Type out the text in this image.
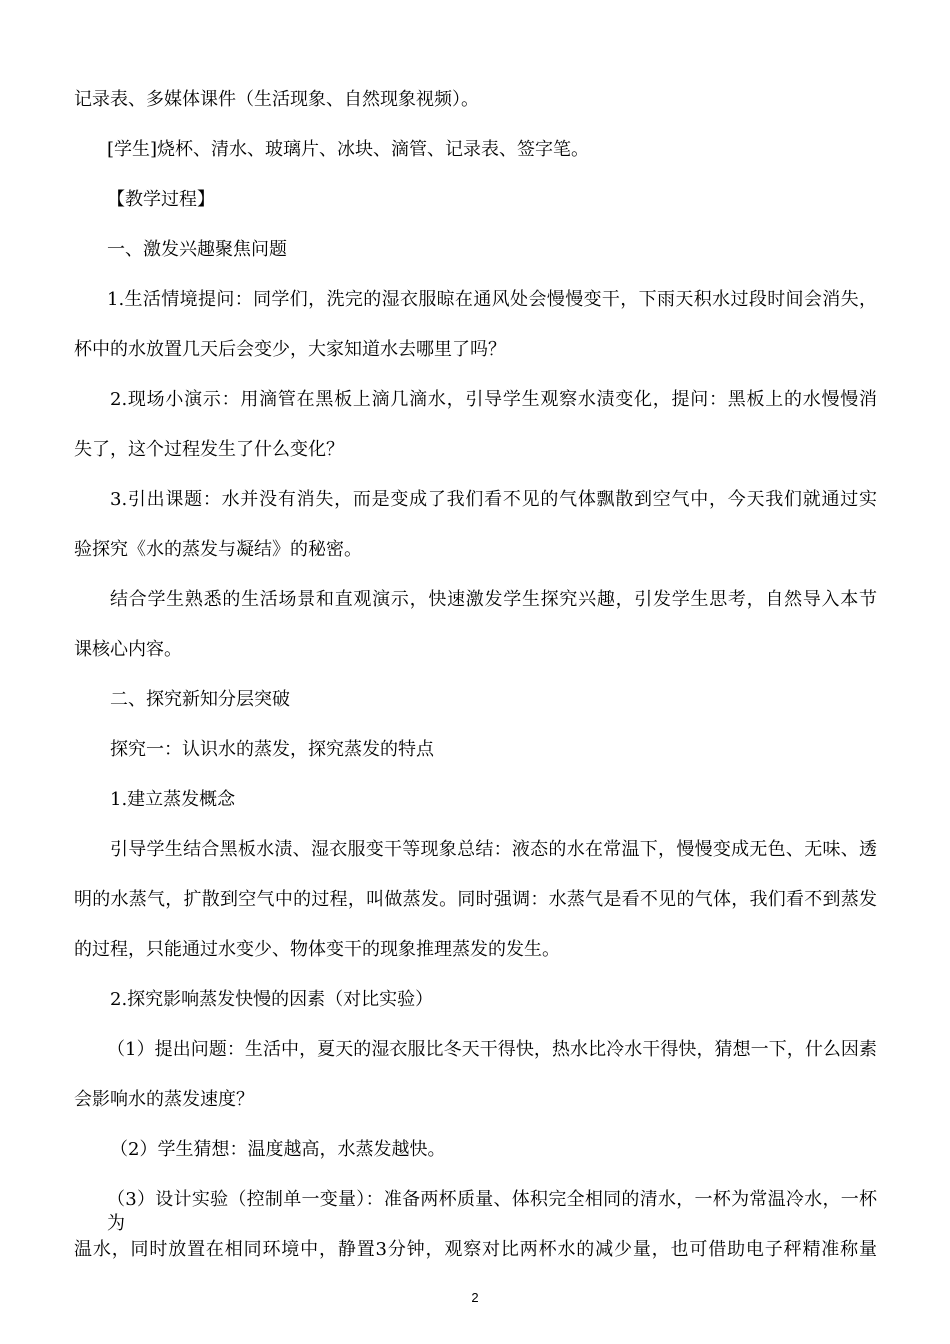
记录表、多媒体课件（生活现象、自然现象视频）。
[学生]烧杯、清水、玻璃片、冰块、滴管、记录表、签字笔。
【教学过程】
一、激发兴趣聚焦问题
1.生活情境提问：同学们，洗完的湿衣服晾在通风处会慢慢变干，下雨天积水过段时间会消失，
杯中的水放置几天后会变少，大家知道水去哪里了吗？
2.现场小演示：用滴管在黑板上滴几滴水，引导学生观察水渍变化，提问：黑板上的水慢慢消
失了，这个过程发生了什么变化？
3.引出课题：水并没有消失，而是变成了我们看不见的气体飘散到空气中，今天我们就通过实
验探究《水的蒸发与凝结》的秘密。
结合学生熟悉的生活场景和直观演示，快速激发学生探究兴趣，引发学生思考，自然导入本节
课核心内容。
二、探究新知分层突破
探究一：认识水的蒸发，探究蒸发的特点
1.建立蒸发概念
引导学生结合黑板水渍、湿衣服变干等现象总结：液态的水在常温下，慢慢变成无色、无味、透
明的水蒸气，扩散到空气中的过程，叫做蒸发。同时强调：水蒸气是看不见的气体，我们看不到蒸发
的过程，只能通过水变少、物体变干的现象推理蒸发的发生。
2.探究影响蒸发快慢的因素（对比实验）
（1）提出问题：生活中，夏天的湿衣服比冬天干得快，热水比冷水干得快，猜想一下，什么因素
会影响水的蒸发速度？
（2）学生猜想：温度越高，水蒸发越快。
（3）设计实验（控制单一变量）：准备两杯质量、体积完全相同的清水，一杯为常温冷水，一杯为
温水，同时放置在相同环境中，静置3分钟，观察对比两杯水的减少量，也可借助电子秤精准称量
2
